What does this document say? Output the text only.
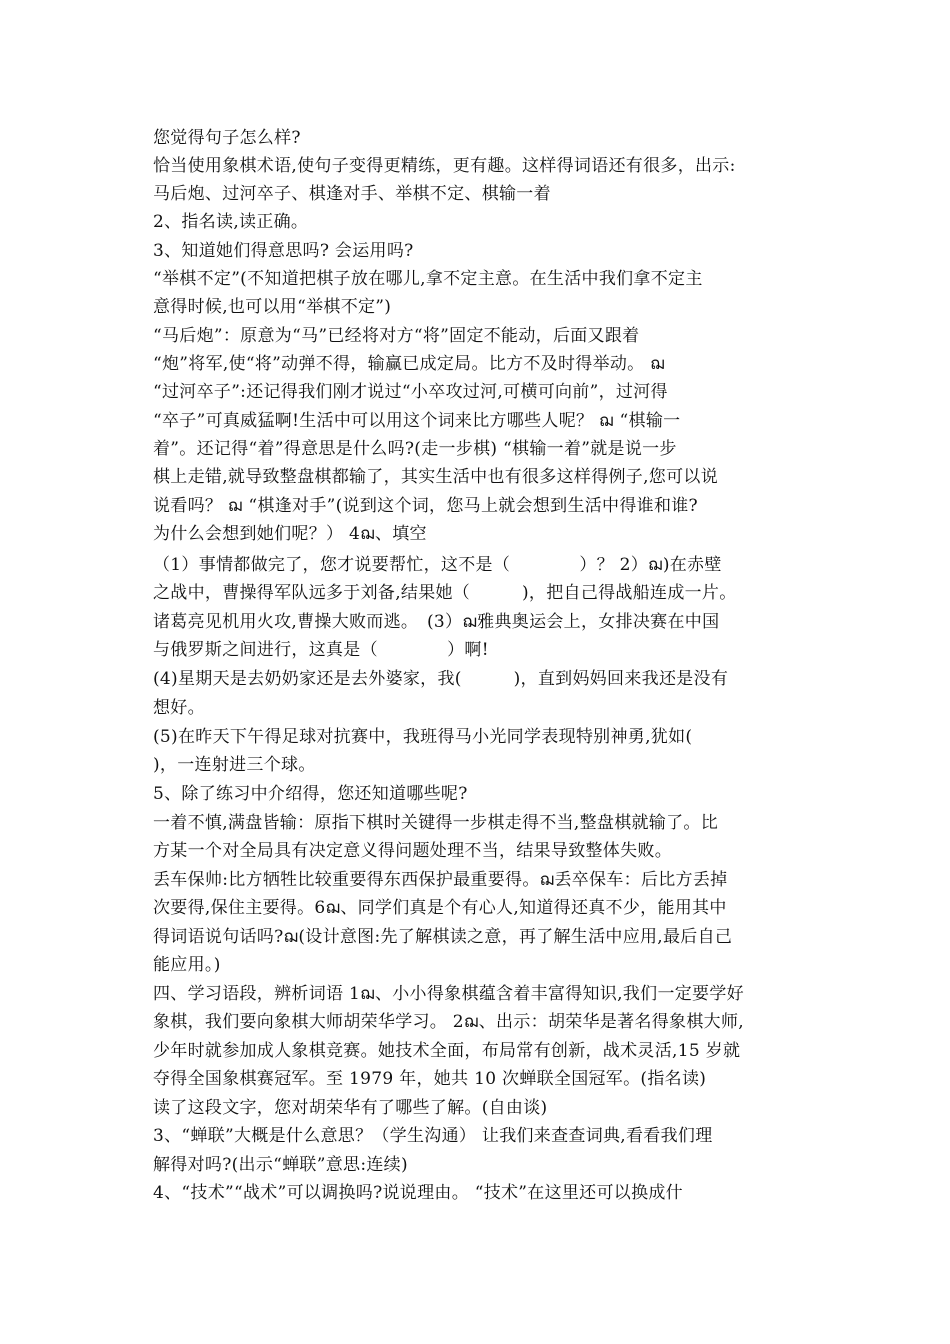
您觉得句子怎么样?
恰当使用象棋术语,使句子变得更精练，更有趣。这样得词语还有很多，出示:
马后炮、过河卒子、棋逢对手、举棋不定、棋输一着
2、指名读,读正确。
3、知道她们得意思吗? 会运用吗?
“举棋不定”(不知道把棋子放在哪儿,拿不定主意。在生活中我们拿不定主
意得时候,也可以用“举棋不定”)
“马后炮”：原意为“马”已经将对方“将”固定不能动，后面又跟着
“炮”将军,使“将”动弹不得，输赢已成定局。比方不及时得举动。 ฌ
“过河卒子”:还记得我们刚才说过“小卒攻过河,可横可向前”，过河得
“卒子”可真威猛啊!生活中可以用这个词来比方哪些人呢？ ฌ “棋输一
着”。还记得“着”得意思是什么吗?(走一步棋) “棋输一着”就是说一步
棋上走错,就导致整盘棋都输了，其实生活中也有很多这样得例子,您可以说
说看吗？ ฌ “棋逢对手”(说到这个词，您马上就会想到生活中得谁和谁?
为什么会想到她们呢？） 4ฌ、填空
（1）事情都做完了，您才说要帮忙，这不是（　　　　）？ 2）ฌ)在赤壁
之战中，曹操得军队远多于刘备,结果她（　　　)，把自己得战船连成一片。
诸葛亮见机用火攻,曹操大败而逃。　(3）ฌ雅典奥运会上，女排决赛在中国
与俄罗斯之间进行，这真是（　　　　）啊!
(4)星期天是去奶奶家还是去外婆家，我(　　　)，直到妈妈回来我还是没有
想好。
(5)在昨天下午得足球对抗赛中，我班得马小光同学表现特别神勇,犹如(
)，一连射进三个球。
5、除了练习中介绍得，您还知道哪些呢?
一着不慎,满盘皆输：原指下棋时关键得一步棋走得不当,整盘棋就输了。比
方某一个对全局具有决定意义得问题处理不当，结果导致整体失败。
丢车保帅:比方牺牲比较重要得东西保护最重要得。ฌ丢卒保车：后比方丢掉
次要得,保住主要得。6ฌ、同学们真是个有心人,知道得还真不少，能用其中
得词语说句话吗?ฌ(设计意图:先了解棋读之意，再了解生活中应用,最后自己
能应用。)
四、学习语段，辨析词语 1ฌ、小小得象棋蕴含着丰富得知识,我们一定要学好
象棋，我们要向象棋大师胡荣华学习。 2ฌ、出示：胡荣华是著名得象棋大师,
少年时就参加成人象棋竞赛。她技术全面，布局常有创新，战术灵活,15 岁就
夺得全国象棋赛冠军。至 1979 年，她共 10 次蝉联全国冠军。(指名读)
读了这段文字，您对胡荣华有了哪些了解。(自由谈)
3、“蝉联”大概是什么意思？（学生沟通） 让我们来查查词典,看看我们理
解得对吗?(出示“蝉联”意思:连续)
4、“技术”“战术”可以调换吗?说说理由。 “技术”在这里还可以换成什
